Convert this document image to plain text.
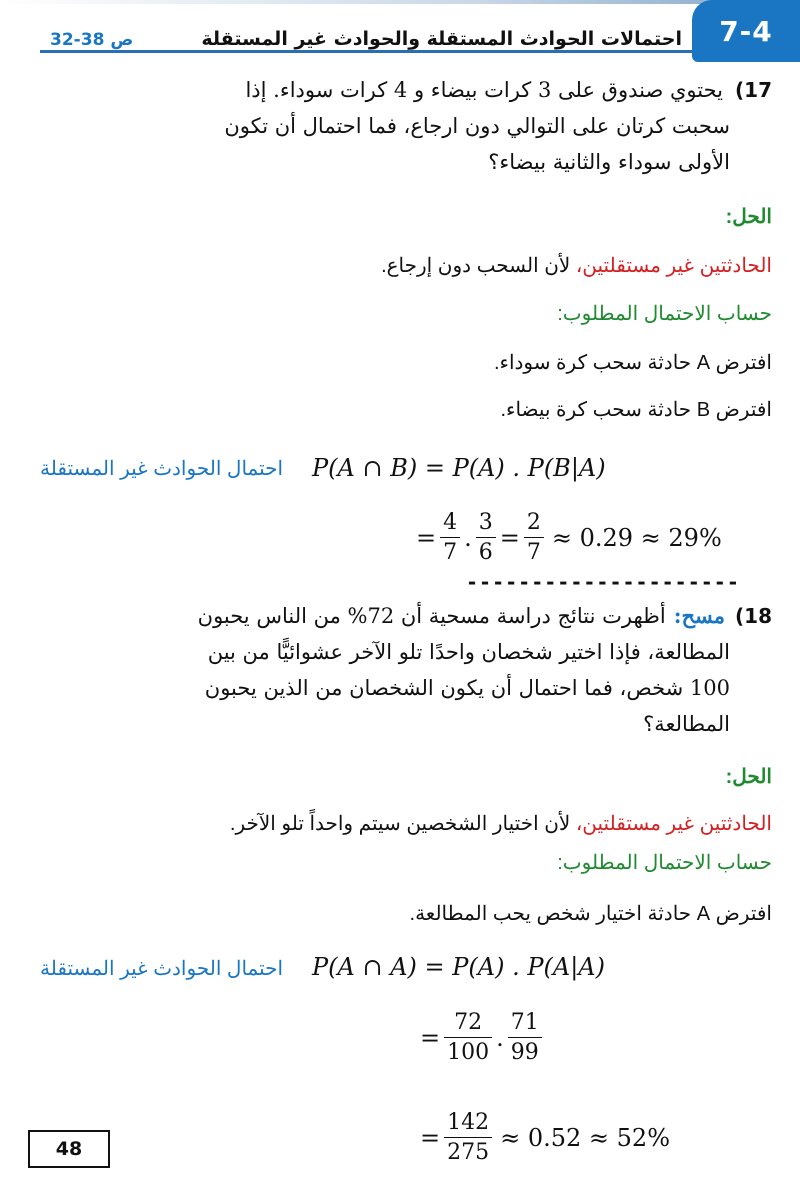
7-4
احتمالات الحوادث المستقلة والحوادث غير المستقلة
ص 38-32
17)
يحتوي صندوق على 3 كرات بيضاء و 4 كرات سوداء. إذا
سحبت كرتان على التوالي دون ارجاع، فما احتمال أن تكون
الأولى سوداء والثانية بيضاء؟
الحل:
الحادثتين غير مستقلتين، لأن السحب دون إرجاع.
حساب الاحتمال المطلوب:
افترض A حادثة سحب كرة سوداء.
افترض B حادثة سحب كرة بيضاء.
احتمال الحوادث غير المستقلة P(A ∩ B) = P(A) . P(B|A)
= $\frac{4}{7}$ . $\frac{3}{6} = \frac{2}{7} \approx 0.29 \approx 29\%$
---------------------
18)
مسح:
أظهرت نتائج دراسة مسحية أن 72% من الناس يحبون
المطالعة، فإذا اختير شخصان واحدًا تلو الآخر عشوائيًّا من بين
100 شخص، فما احتمال أن يكون الشخصان من الذين يحبون
المطالعة؟
الحل:
الحادثتين غير مستقلتين، لأن اختيار الشخصين سيتم واحداً تلو الآخر.
حساب الاحتمال المطلوب:
افترض A حادثة اختيار شخص يحب المطالعة.
احتمال الحوادث غير المستقلة P(A ∩ A) = P(A) . P(A|A)
= $\frac{72}{100}$ . $\frac{71}{99}$
= $\frac{142}{275} \approx 0.52 \approx 52\%$
48
